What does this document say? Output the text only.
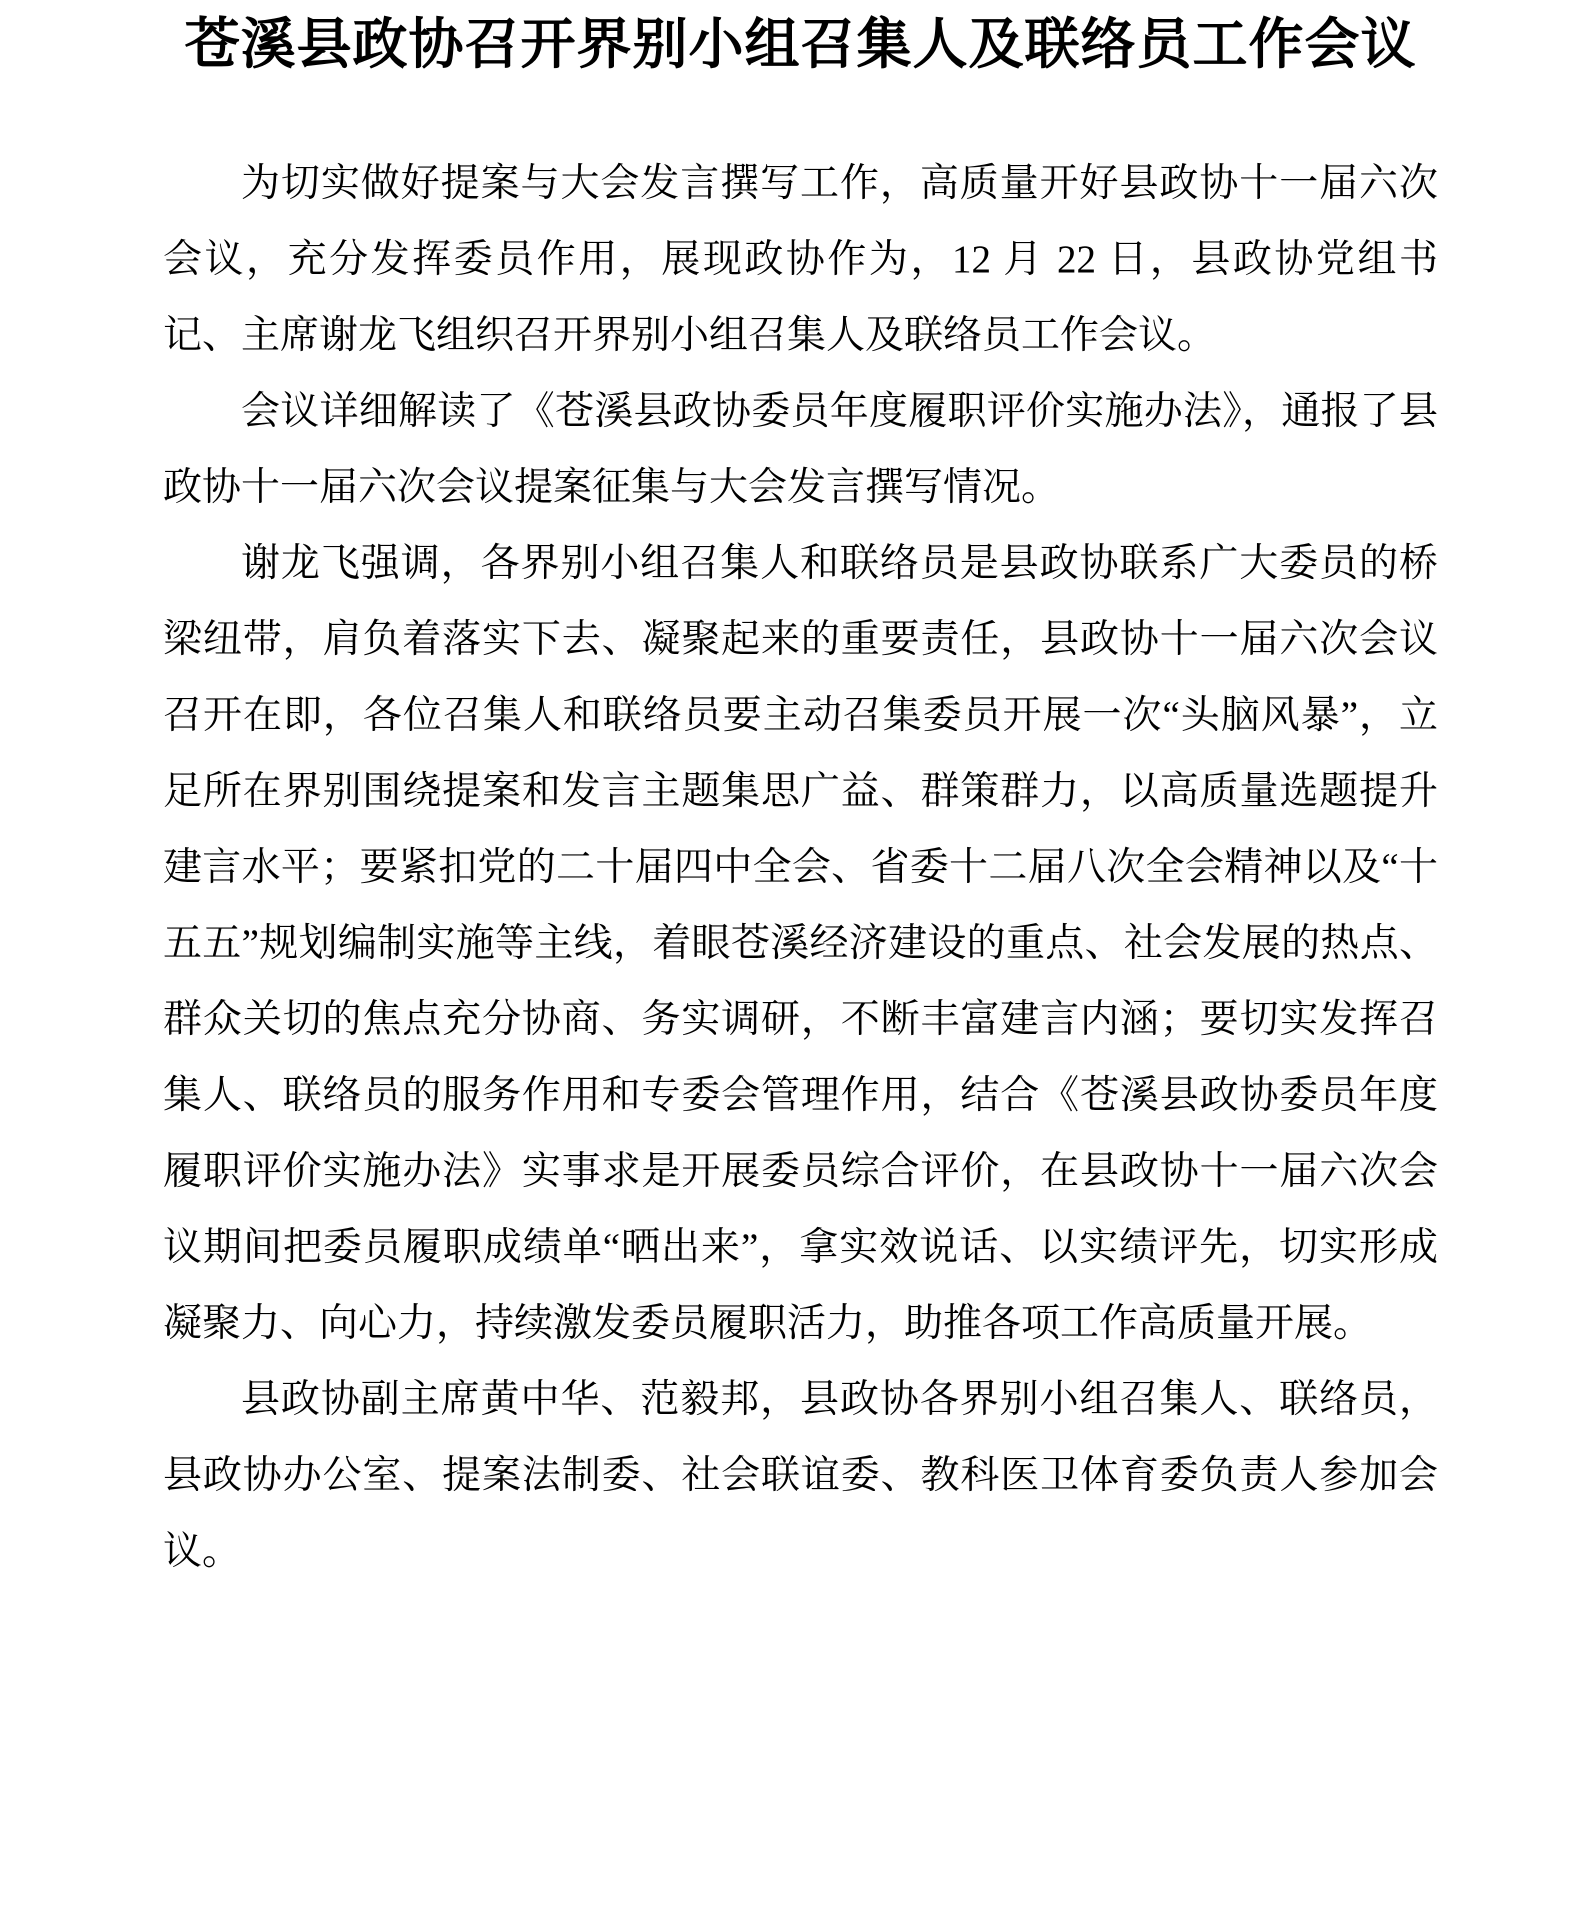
苍溪县政协召开界别小组召集人及联络员工作会议

为切实做好提案与大会发言撰写工作，高质量开好县政协十一届六次会议，充分发挥委员作用，展现政协作为，12 月 22 日，县政协党组书记、主席谢龙飞组织召开界别小组召集人及联络员工作会议。

会议详细解读了《苍溪县政协委员年度履职评价实施办法》，通报了县政协十一届六次会议提案征集与大会发言撰写情况。

谢龙飞强调，各界别小组召集人和联络员是县政协联系广大委员的桥梁纽带，肩负着落实下去、凝聚起来的重要责任，县政协十一届六次会议召开在即，各位召集人和联络员要主动召集委员开展一次“头脑风暴”，立足所在界别围绕提案和发言主题集思广益、群策群力，以高质量选题提升建言水平；要紧扣党的二十届四中全会、省委十二届八次全会精神以及“十五五”规划编制实施等主线，着眼苍溪经济建设的重点、社会发展的热点、群众关切的焦点充分协商、务实调研，不断丰富建言内涵；要切实发挥召集人、联络员的服务作用和专委会管理作用，结合《苍溪县政协委员年度履职评价实施办法》实事求是开展委员综合评价，在县政协十一届六次会议期间把委员履职成绩单“晒出来”，拿实效说话、以实绩评先，切实形成凝聚力、向心力，持续激发委员履职活力，助推各项工作高质量开展。

县政协副主席黄中华、范毅邦，县政协各界别小组召集人、联络员，县政协办公室、提案法制委、社会联谊委、教科医卫体育委负责人参加会议。
